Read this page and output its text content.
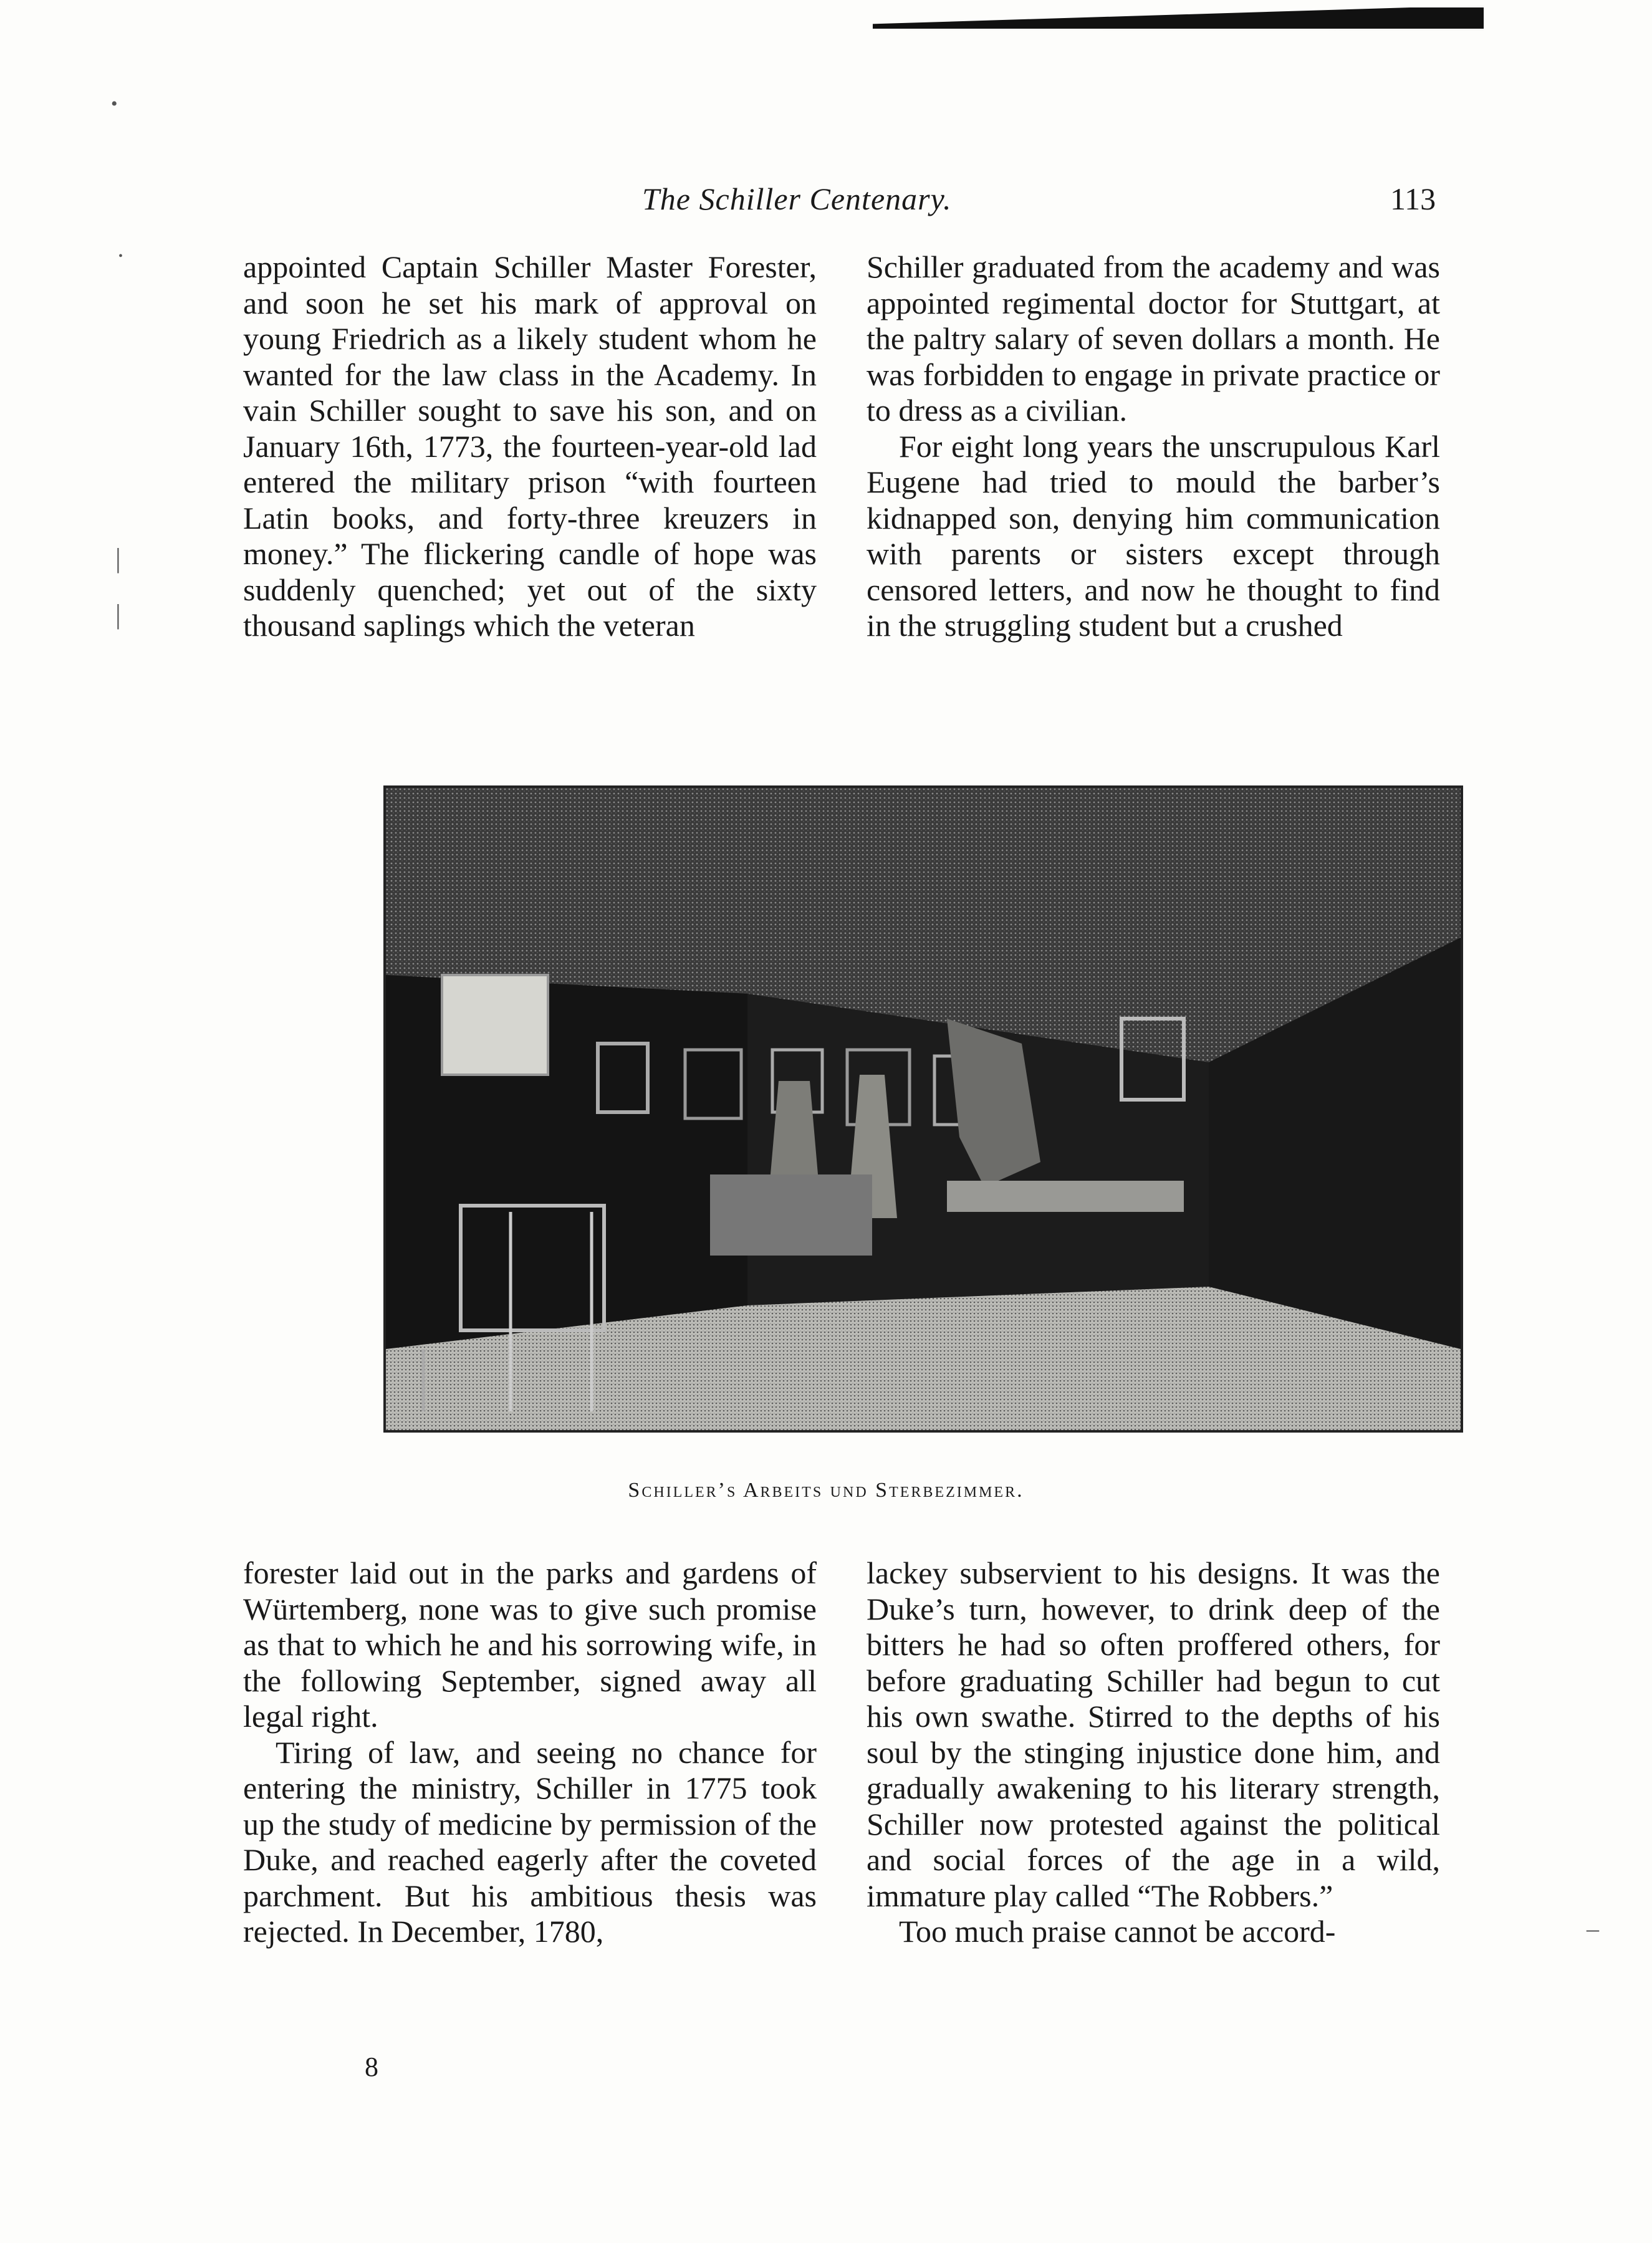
•
•
|
|
The Schiller Centenary.	113

appointed Captain Schiller Master Forester, and soon he set his mark of approval on young Friedrich as a likely student whom he wanted for the law class in the Academy. In vain Schiller sought to save his son, and on January 16th, 1773, the fourteen-year-old lad entered the military prison “with fourteen Latin books, and forty-three kreuzers in money.” The flickering candle of hope was suddenly quenched; yet out of the sixty thousand saplings which the veteran

Schiller graduated from the academy and was appointed regimental doctor for Stuttgart, at the paltry salary of seven dollars a month. He was forbidden to engage in private practice or to dress as a civilian.

For eight long years the unscrupulous Karl Eugene had tried to mould the barber’s kidnapped son, denying him communication with parents or sisters except through censored letters, and now he thought to find in the struggling student but a crushed

Schiller’s Arbeits und Sterbezimmer.

forester laid out in the parks and gardens of Würtemberg, none was to give such promise as that to which he and his sorrowing wife, in the following September, signed away all legal right.

Tiring of law, and seeing no chance for entering the ministry, Schiller in 1775 took up the study of medicine by permission of the Duke, and reached eagerly after the coveted parchment. But his ambitious thesis was rejected. In December, 1780,

lackey subservient to his designs. It was the Duke’s turn, however, to drink deep of the bitters he had so often proffered others, for before graduating Schiller had begun to cut his own swathe. Stirred to the depths of his soul by the stinging injustice done him, and gradually awakening to his literary strength, Schiller now protested against the political and social forces of the age in a wild, immature play called “The Robbers.”

Too much praise cannot be accord-

8
‒
